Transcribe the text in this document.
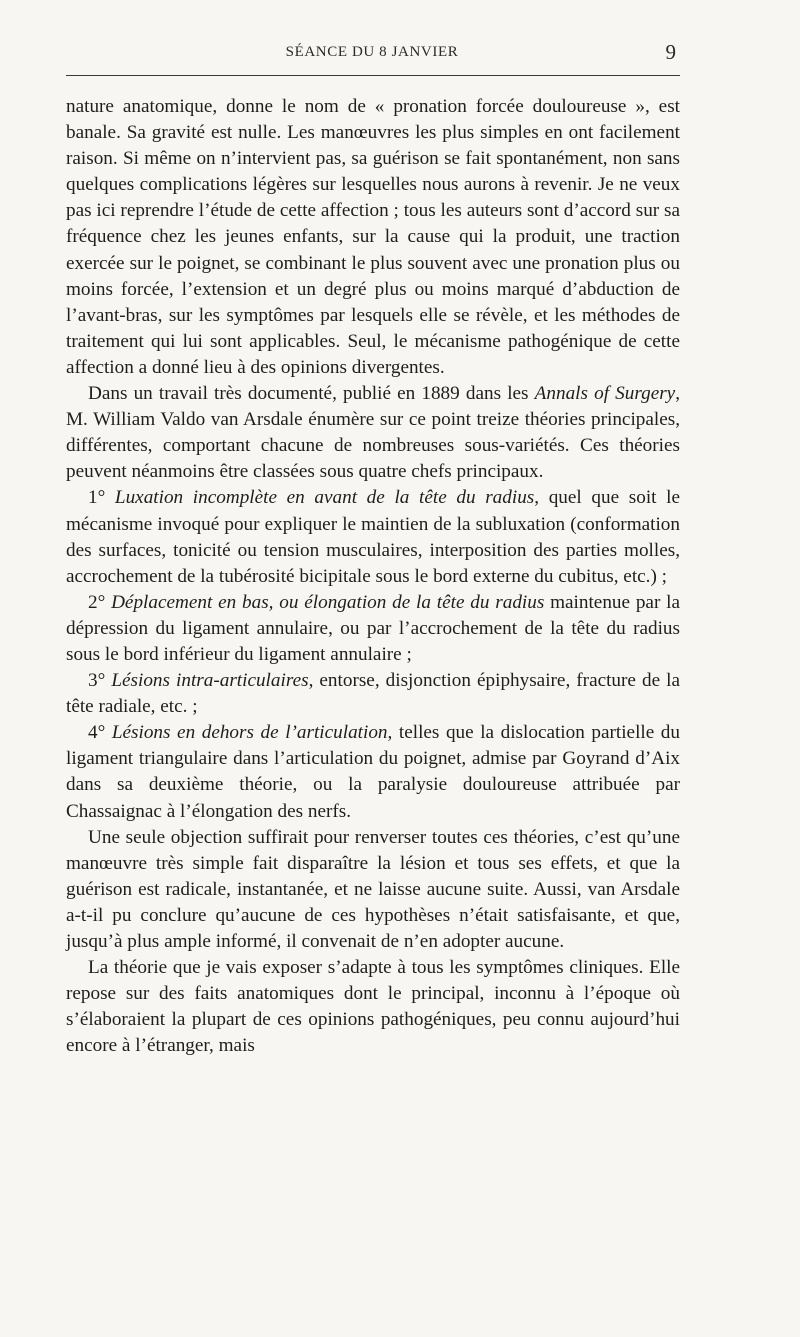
SÉANCE DU 8 JANVIER	9

nature anatomique, donne le nom de « pronation forcée douloureuse », est banale. Sa gravité est nulle. Les manœuvres les plus simples en ont facilement raison. Si même on n’intervient pas, sa guérison se fait spontanément, non sans quelques complications légères sur lesquelles nous aurons à revenir. Je ne veux pas ici reprendre l’étude de cette affection ; tous les auteurs sont d’accord sur sa fréquence chez les jeunes enfants, sur la cause qui la produit, une traction exercée sur le poignet, se combinant le plus souvent avec une pronation plus ou moins forcée, l’extension et un degré plus ou moins marqué d’abduction de l’avant-bras, sur les symptômes par lesquels elle se révèle, et les méthodes de traitement qui lui sont applicables. Seul, le mécanisme pathogénique de cette affection a donné lieu à des opinions divergentes.

Dans un travail très documenté, publié en 1889 dans les Annals of Surgery, M. William Valdo van Arsdale énumère sur ce point treize théories principales, différentes, comportant chacune de nombreuses sous-variétés. Ces théories peuvent néanmoins être classées sous quatre chefs principaux.

1° Luxation incomplète en avant de la tête du radius, quel que soit le mécanisme invoqué pour expliquer le maintien de la subluxation (conformation des surfaces, tonicité ou tension musculaires, interposition des parties molles, accrochement de la tubérosité bicipitale sous le bord externe du cubitus, etc.) ;

2° Déplacement en bas, ou élongation de la tête du radius maintenue par la dépression du ligament annulaire, ou par l’accrochement de la tête du radius sous le bord inférieur du ligament annulaire ;

3° Lésions intra-articulaires, entorse, disjonction épiphysaire, fracture de la tête radiale, etc. ;

4° Lésions en dehors de l’articulation, telles que la dislocation partielle du ligament triangulaire dans l’articulation du poignet, admise par Goyrand d’Aix dans sa deuxième théorie, ou la paralysie douloureuse attribuée par Chassaignac à l’élongation des nerfs.

Une seule objection suffirait pour renverser toutes ces théories, c’est qu’une manœuvre très simple fait disparaître la lésion et tous ses effets, et que la guérison est radicale, instantanée, et ne laisse aucune suite. Aussi, van Arsdale a-t-il pu conclure qu’aucune de ces hypothèses n’était satisfaisante, et que, jusqu’à plus ample informé, il convenait de n’en adopter aucune.

La théorie que je vais exposer s’adapte à tous les symptômes cliniques. Elle repose sur des faits anatomiques dont le principal, inconnu à l’époque où s’élaboraient la plupart de ces opinions pathogéniques, peu connu aujourd’hui encore à l’étranger, mais
